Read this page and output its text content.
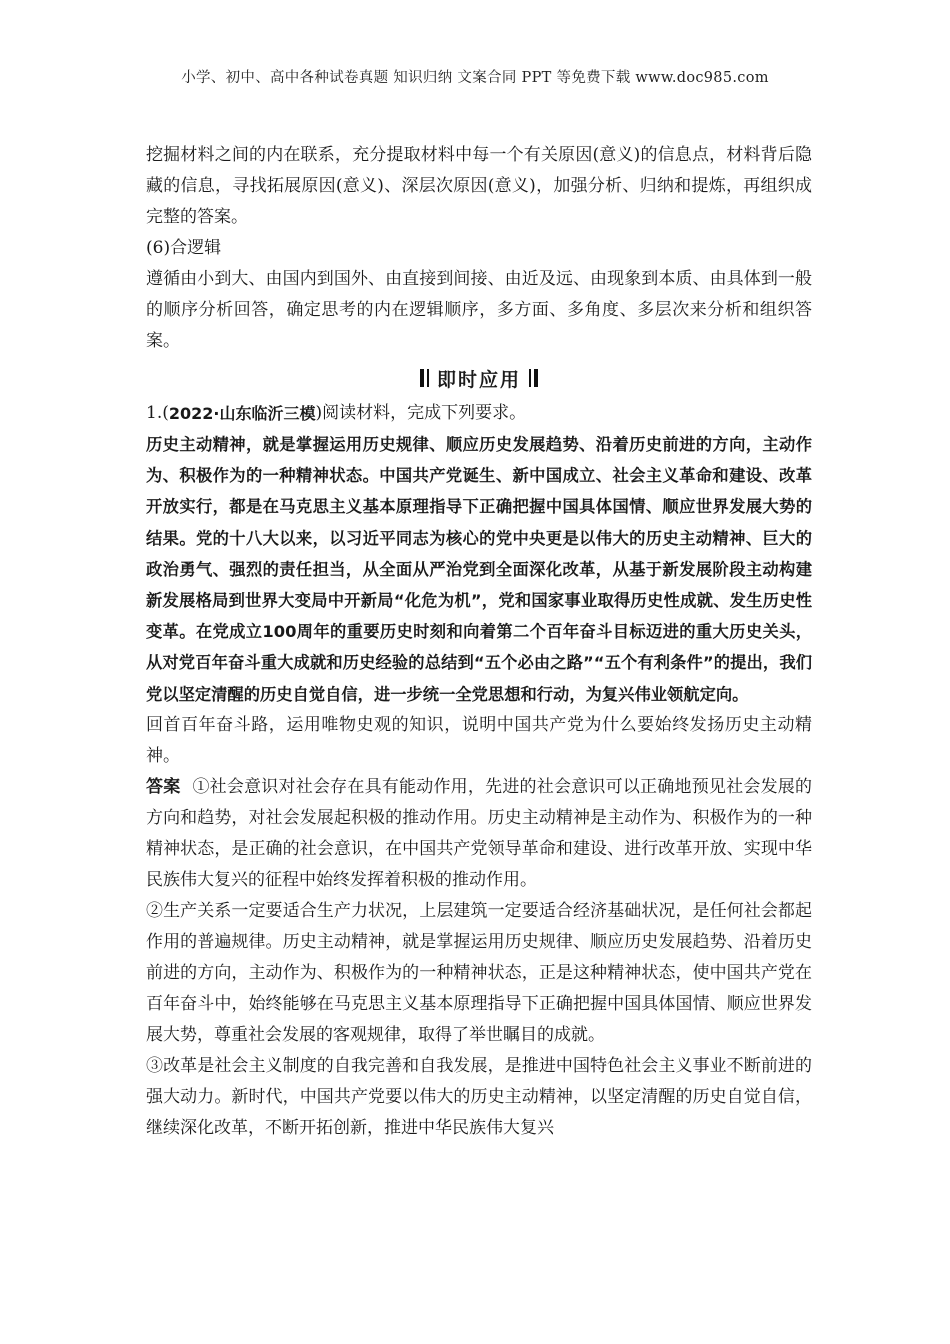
小学、初中、高中各种试卷真题 知识归纳 文案合同 PPT 等免费下载 www.doc985.com

挖掘材料之间的内在联系，充分提取材料中每一个有关原因(意义)的信息点，材料背后隐藏的信息，寻找拓展原因(意义)、深层次原因(意义)，加强分析、归纳和提炼，再组织成完整的答案。

(6)合逻辑

遵循由小到大、由国内到国外、由直接到间接、由近及远、由现象到本质、由具体到一般的顺序分析回答，确定思考的内在逻辑顺序，多方面、多角度、多层次来分析和组织答案。

即时应用
1.( 2022·山东临沂三模 )阅读材料，完成下列要求。

历史主动精神，就是掌握运用历史规律、顺应历史发展趋势、沿着历史前进的方向，主动作为、积极作为的一种精神状态。中国共产党诞生、新中国成立、社会主义革命和建设、改革开放实行，都是在马克思主义基本原理指导下正确把握中国具体国情、顺应世界发展大势的结果。党的十八大以来，以习近平同志为核心的党中央更是以伟大的历史主动精神、巨大的政治勇气、强烈的责任担当，从全面从严治党到全面深化改革，从基于新发展阶段主动构建新发展格局到世界大变局中开新局“化危为机”，党和国家事业取得历史性成就、发生历史性变革。在党成立100周年的重要历史时刻和向着第二个百年奋斗目标迈进的重大历史关头，从对党百年奋斗重大成就和历史经验的总结到“五个必由之路”“五个有利条件”的提出，我们党以坚定清醒的历史自觉自信，进一步统一全党思想和行动，为复兴伟业领航定向。

回首百年奋斗路，运用唯物史观的知识，说明中国共产党为什么要始终发扬历史主动精神。

答案 ①社会意识对社会存在具有能动作用，先进的社会意识可以正确地预见社会发展的方向和趋势，对社会发展起积极的推动作用。历史主动精神是主动作为、积极作为的一种精神状态，是正确的社会意识，在中国共产党领导革命和建设、进行改革开放、实现中华民族伟大复兴的征程中始终发挥着积极的推动作用。

②生产关系一定要适合生产力状况，上层建筑一定要适合经济基础状况，是任何社会都起作用的普遍规律。历史主动精神，就是掌握运用历史规律、顺应历史发展趋势、沿着历史前进的方向，主动作为、积极作为的一种精神状态，正是这种精神状态，使中国共产党在百年奋斗中，始终能够在马克思主义基本原理指导下正确把握中国具体国情、顺应世界发展大势，尊重社会发展的客观规律，取得了举世瞩目的成就。

③改革是社会主义制度的自我完善和自我发展，是推进中国特色社会主义事业不断前进的强大动力。新时代，中国共产党要以伟大的历史主动精神，以坚定清醒的历史自觉自信，继续深化改革，不断开拓创新，推进中华民族伟大复兴
